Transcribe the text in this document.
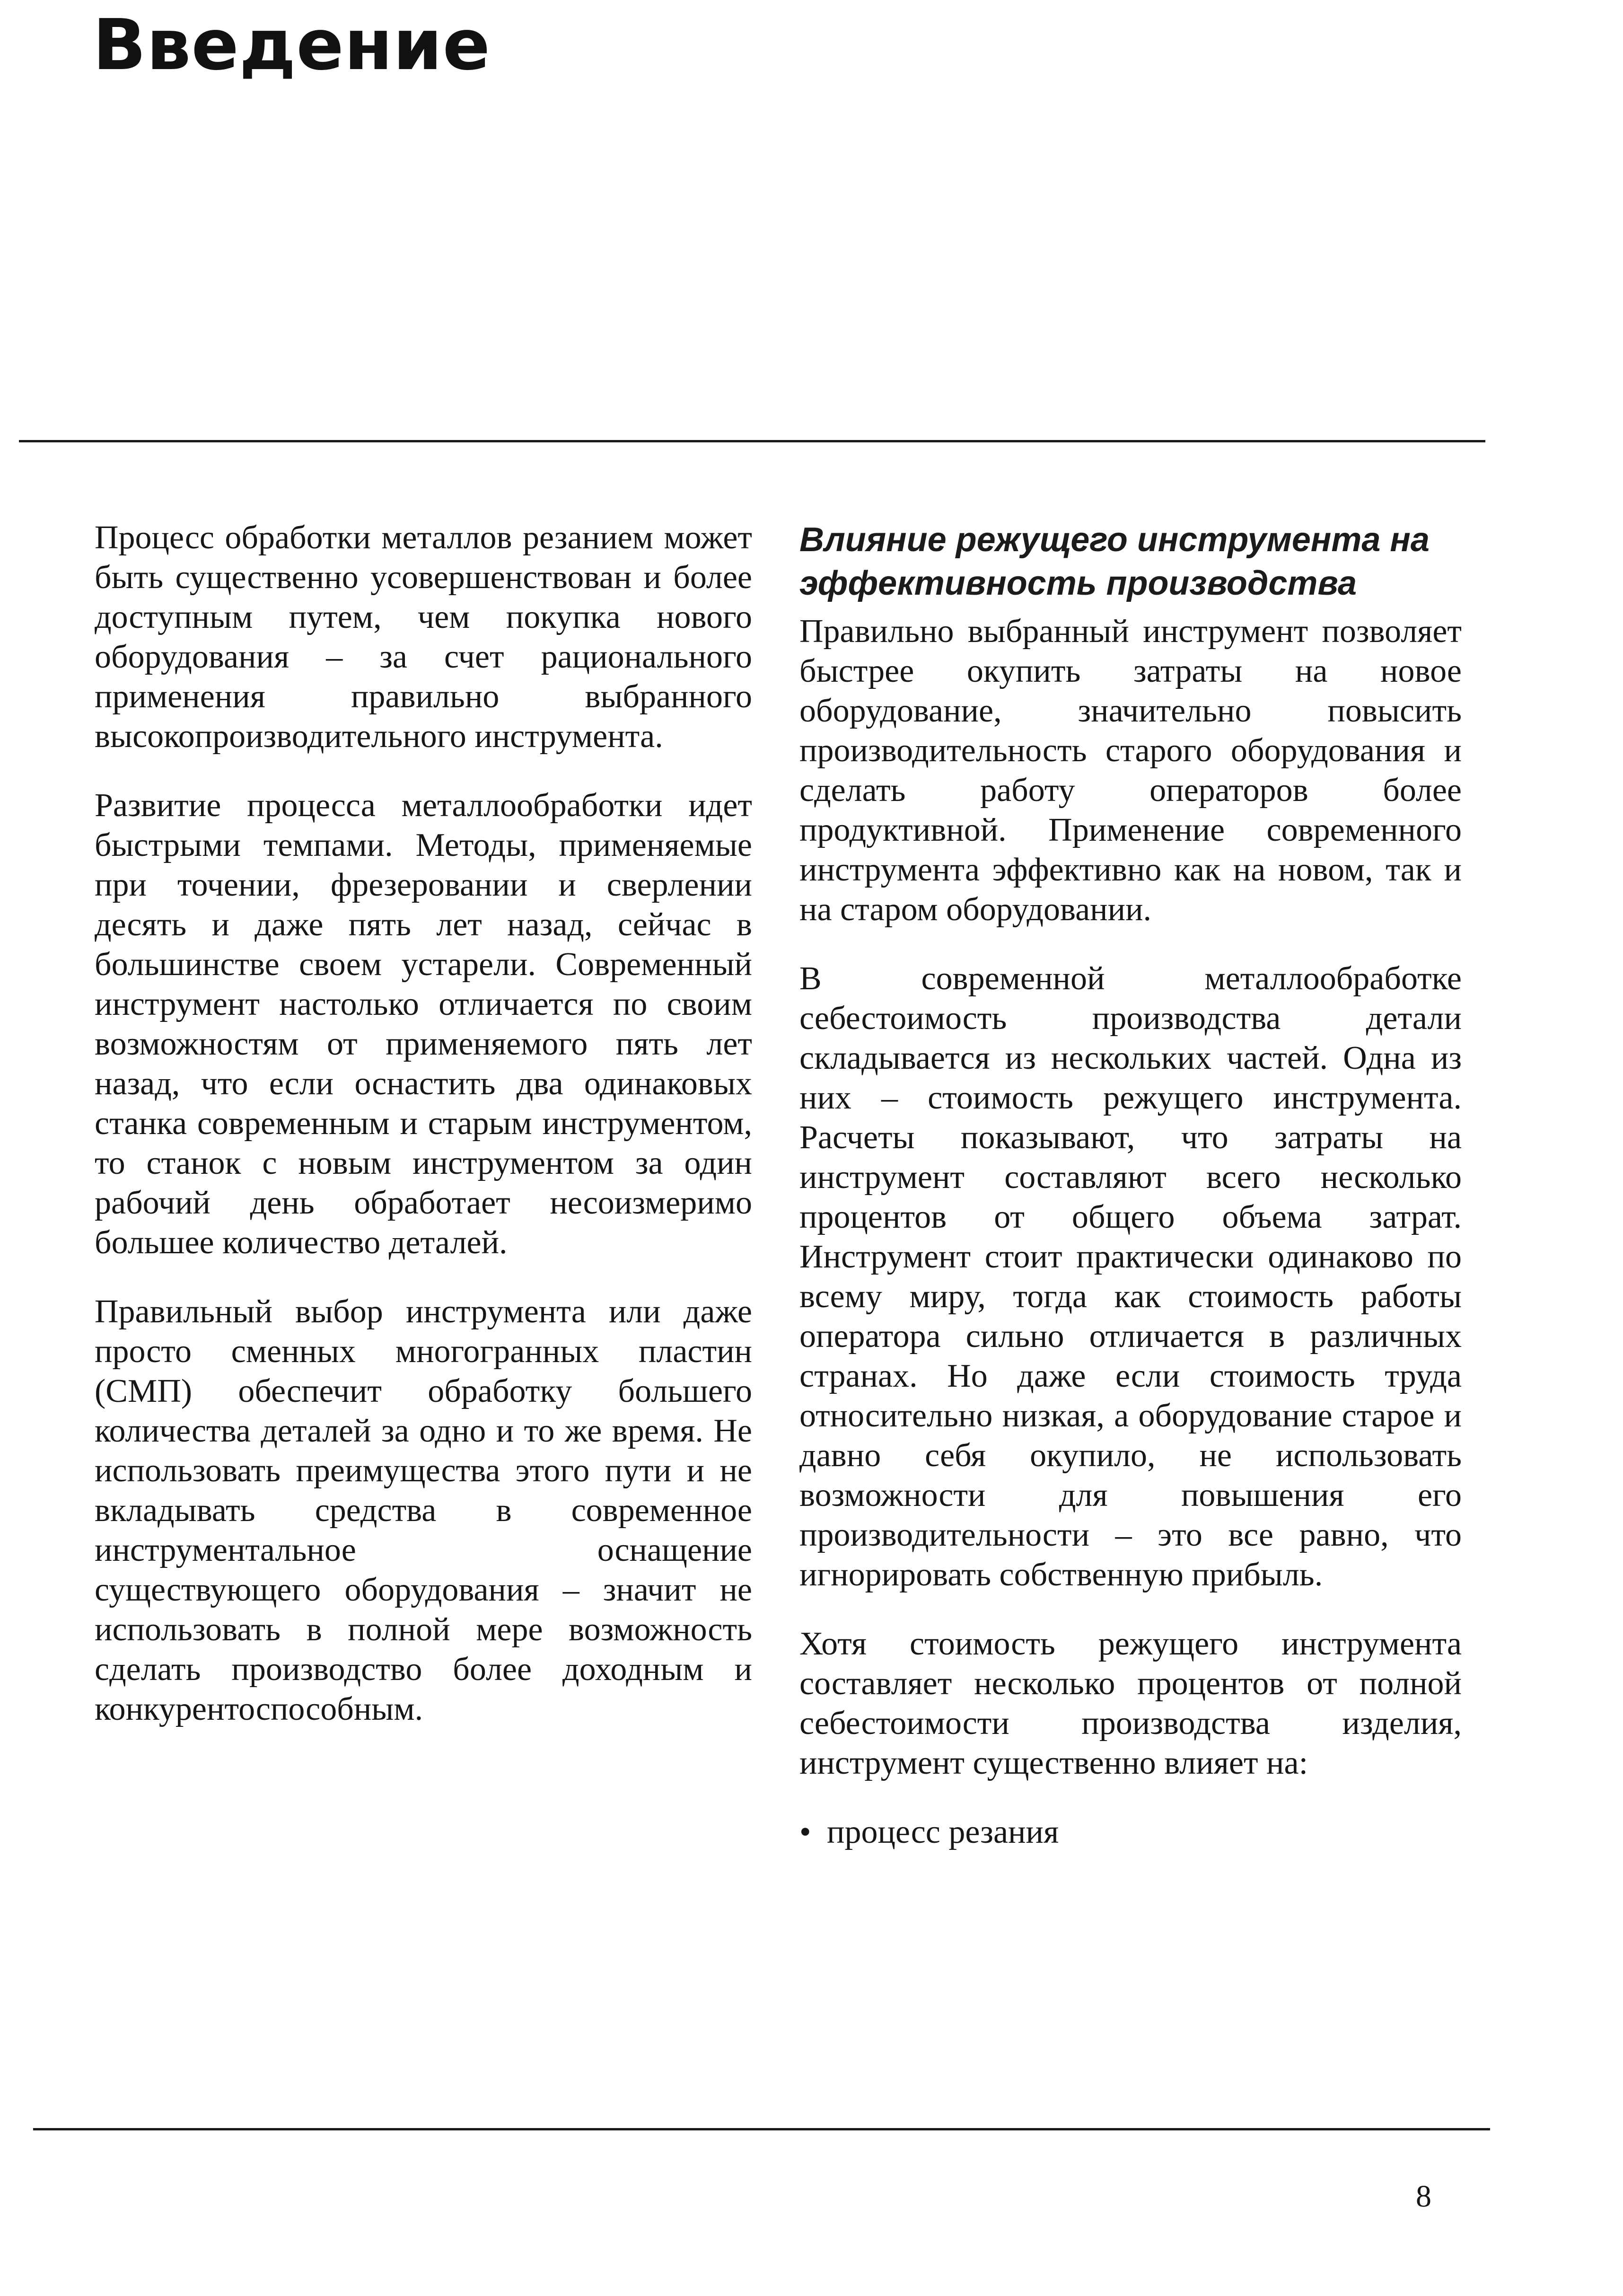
Введение

Процесс обработки металлов резанием может быть существенно усовершенствован и более доступным путем, чем покупка нового оборудования – за счет рационального применения правильно выбранного высокопроизводительного инструмента.

Развитие процесса металлообработки идет быстрыми темпами. Методы, применяемые при точении, фрезеровании и сверлении десять и даже пять лет назад, сейчас в большинстве своем устарели. Современный инструмент настолько отличается по своим возможностям от применяемого пять лет назад, что если оснастить два одинаковых станка современным и старым инструментом, то станок с новым инструментом за один рабочий день обработает несоизмеримо большее количество деталей.

Правильный выбор инструмента или даже просто сменных многогранных пластин (СМП) обеспечит обработку большего количества деталей за одно и то же время. Не использовать преимущества этого пути и не вкладывать средства в современное инструментальное оснащение существующего оборудования – значит не использовать в полной мере возможность сделать производство более доходным и конкурентоспособным.

Влияние режущего инструмента на эффективность производства

Правильно выбранный инструмент позволяет быстрее окупить затраты на новое оборудование, значительно повысить производительность старого оборудования и сделать работу операторов более продуктивной. Применение современного инструмента эффективно как на новом, так и на старом оборудовании.

В современной металлообработке себестоимость производства детали складывается из нескольких частей. Одна из них – стоимость режущего инструмента. Расчеты показывают, что затраты на инструмент составляют всего несколько процентов от общего объема затрат. Инструмент стоит практически одинаково по всему миру, тогда как стоимость работы оператора сильно отличается в различных странах. Но даже если стоимость труда относительно низкая, а оборудование старое и давно себя окупило, не использовать возможности для повышения его производительности – это все равно, что игнорировать собственную прибыль.

Хотя стоимость режущего инструмента составляет несколько процентов от полной себестоимости производства изделия, инструмент существенно влияет на:

• процесс резания
8
